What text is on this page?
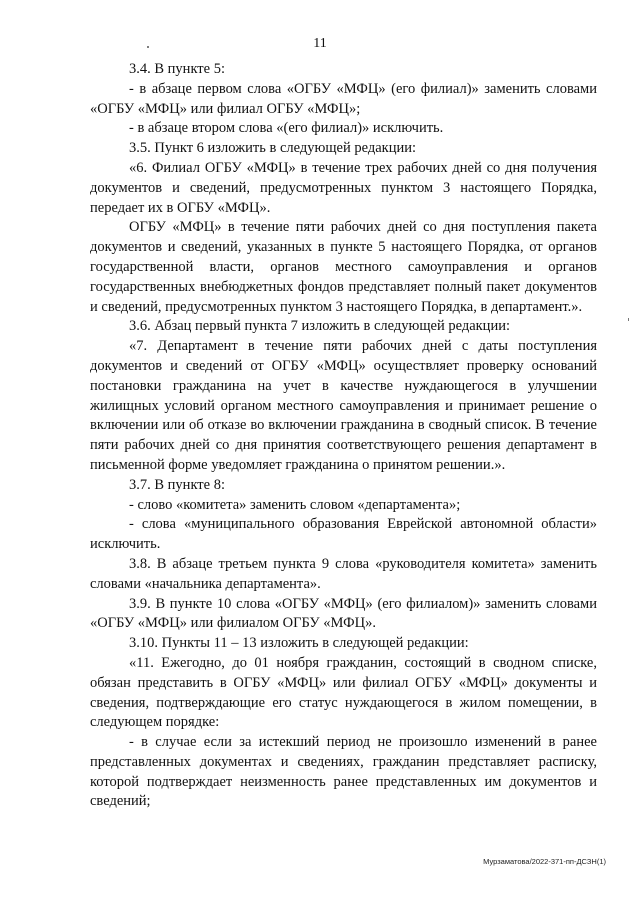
11

3.4. В пункте 5:

- в абзаце первом слова «ОГБУ «МФЦ» (его филиал)» заменить словами «ОГБУ «МФЦ» или филиал ОГБУ «МФЦ»;

- в абзаце втором слова «(его филиал)» исключить.

3.5. Пункт 6 изложить в следующей редакции:

«6. Филиал ОГБУ «МФЦ» в течение трех рабочих дней со дня получения документов и сведений, предусмотренных пунктом 3 настоящего Порядка, передает их в ОГБУ «МФЦ».

ОГБУ «МФЦ» в течение пяти рабочих дней со дня поступления пакета документов и сведений, указанных в пункте 5 настоящего Порядка, от органов государственной власти, органов местного самоуправления и органов государственных внебюджетных фондов представляет полный пакет документов и сведений, предусмотренных пунктом 3 настоящего Порядка, в департамент.».

3.6. Абзац первый пункта 7 изложить в следующей редакции:

«7. Департамент в течение пяти рабочих дней с даты поступления документов и сведений от ОГБУ «МФЦ» осуществляет проверку оснований постановки гражданина на учет в качестве нуждающегося в улучшении жилищных условий органом местного самоуправления и принимает решение о включении или об отказе во включении гражданина в сводный список. В течение пяти рабочих дней со дня принятия соответствующего решения департамент в письменной форме уведомляет гражданина о принятом решении.».

3.7. В пункте 8:

- слово «комитета» заменить словом «департамента»;

- слова «муниципального образования Еврейской автономной области» исключить.

3.8. В абзаце третьем пункта 9 слова «руководителя комитета» заменить словами «начальника департамента».

3.9. В пункте 10 слова «ОГБУ «МФЦ» (его филиалом)» заменить словами «ОГБУ «МФЦ» или филиалом ОГБУ «МФЦ».

3.10. Пункты 11 – 13 изложить в следующей редакции:

«11. Ежегодно, до 01 ноября гражданин, состоящий в сводном списке, обязан представить в ОГБУ «МФЦ» или филиал ОГБУ «МФЦ» документы и сведения, подтверждающие его статус нуждающегося в жилом помещении, в следующем порядке:

- в случае если за истекший период не произошло изменений в ранее представленных документах и сведениях, гражданин представляет расписку, которой подтверждает неизменность ранее представленных им документов и сведений;

Мурзаматова/2022-371-пп-ДСЗН(1)
